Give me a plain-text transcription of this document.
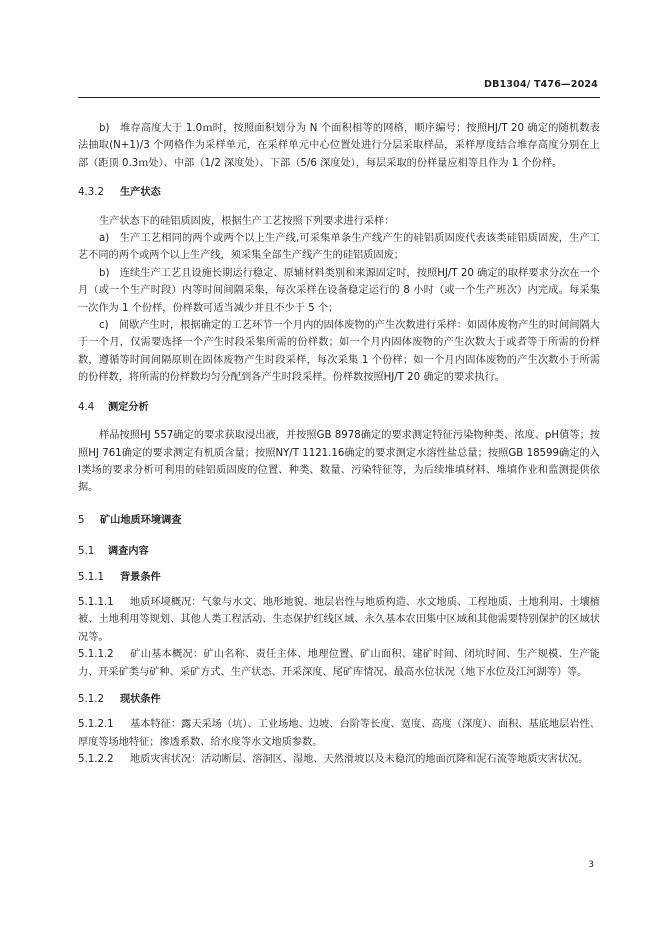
DB1304/ T476—2024

b)　堆存高度大于 1.0ｍ时，按照面积划分为 N 个面积相等的网格，顺序编号；按照HJ/T 20 确定的随机数表法抽取(N+1)/3 个网格作为采样单元，在采样单元中心位置处进行分层采取样品，采样厚度结合堆存高度分别在上部（距顶 0.3ｍ处）、中部（1/2 深度处）、下部（5/6 深度处），每层采取的份样量应相等且作为 1 个份样。

4.3.2 生产状态

生产状态下的硅铝质固废，根据生产工艺按照下列要求进行采样：

a)　生产工艺相同的两个或两个以上生产线,可采集单条生产线产生的硅铝质固废代表该类硅铝质固废，生产工艺不同的两个或两个以上生产线，须采集全部生产线产生的硅铝质固废；

b)　连续生产工艺且设施长期运行稳定、原辅材料类别和来源固定时，按照HJ/T 20 确定的取样要求分次在一个月（或一个生产时段）内等时间间隔采集，每次采样在设备稳定运行的 8 小时（或一个生产班次）内完成。每采集一次作为 1 个份样，份样数可适当减少并且不少于 5 个；

c)　间歇产生时，根据确定的工艺环节一个月内的固体废物的产生次数进行采样：如固体废物产生的时间间隔大于一个月，仅需要选择一个产生时段采集所需的份样数；如一个月内固体废物的产生次数大于或者等于所需的份样数，遵循等时间间隔原则在固体废物产生时段采样，每次采集 1 个份样；如一个月内固体废物的产生次数小于所需的份样数，将所需的份样数均匀分配到各产生时段采样。份样数按照HJ/T 20 确定的要求执行。

4.4 测定分析

样品按照HJ 557确定的要求获取浸出液，并按照GB 8978确定的要求测定特征污染物种类、浓度、pH值等；按照HJ 761确定的要求测定有机质含量；按照NY/T 1121.16确定的要求测定水溶性盐总量；按照GB 18599确定的入I类场的要求分析可利用的硅铝质固废的位置、种类、数量、污染特征等，为后续堆填材料、堆填作业和监测提供依据。

5 矿山地质环境调查

5.1 调查内容

5.1.1 背景条件

5.1.1.1 地质环境概况：气象与水文、地形地貌、地层岩性与地质构造、水文地质、工程地质、土地利用、土壤植被、土地利用等规划、其他人类工程活动、生态保护红线区域、永久基本农田集中区域和其他需要特别保护的区域状况等。

5.1.1.2 矿山基本概况：矿山名称、责任主体、地理位置、矿山面积、建矿时间、闭坑时间、生产规模、生产能力、开采矿类与矿种、采矿方式、生产状态、开采深度、尾矿库情况、最高水位状况（地下水位及江河湖等）等。

5.1.2 现状条件

5.1.2.1 基本特征：露天采场（坑）、工业场地、边坡、台阶等长度、宽度、高度（深度）、面积、基底地层岩性、厚度等场地特征；渗透系数、给水度等水文地质参数。

5.1.2.2 地质灾害状况：活动断层、溶洞区、湿地、天然滑坡以及未稳沉的地面沉降和泥石流等地质灾害状况。

3
